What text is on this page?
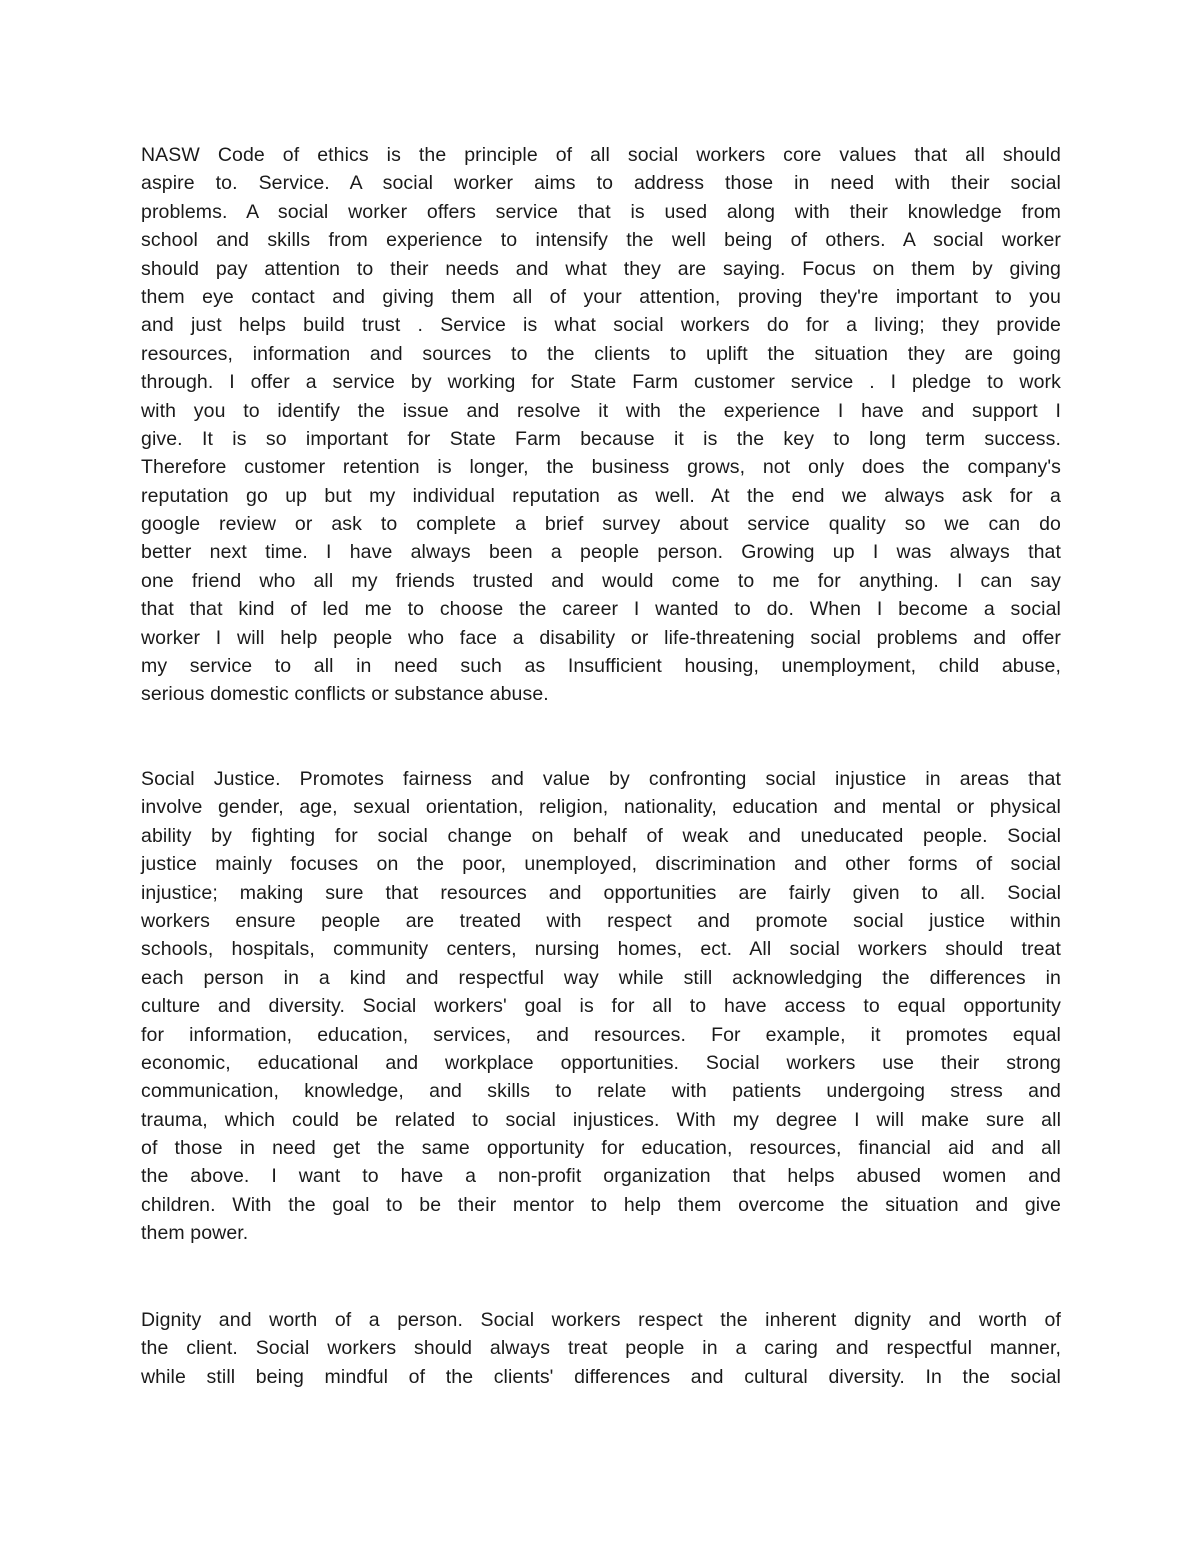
NASW Code of ethics is the principle of all social workers core values that all should
aspire to. Service. A social worker aims to address those in need with their social
problems. A social worker offers service that is used along with their knowledge from
school and skills from experience to intensify the well being of others. A social worker
should pay attention to their needs and what they are saying. Focus on them by giving
them eye contact and giving them all of your attention, proving they're important to you
and just helps build trust . Service is what social workers do for a living; they provide
resources, information and sources to the clients to uplift the situation they are going
through. I offer a service by working for State Farm customer service . I pledge to work
with you to identify the issue and resolve it with the experience I have and support I
give. It is so important for State Farm because it is the key to long term success.
Therefore customer retention is longer, the business grows, not only does the company's
reputation go up but my individual reputation as well. At the end we always ask for a
google review or ask to complete a brief survey about service quality so we can do
better next time. I have always been a people person. Growing up I was always that
one friend who all my friends trusted and would come to me for anything. I can say
that that kind of led me to choose the career I wanted to do. When I become a social
worker I will help people who face a disability or life-threatening social problems and offer
my service to all in need such as Insufficient housing, unemployment, child abuse,
serious domestic conflicts or substance abuse.
Social Justice. Promotes fairness and value by confronting social injustice in areas that
involve gender, age, sexual orientation, religion, nationality, education and mental or physical
ability by fighting for social change on behalf of weak and uneducated people. Social
justice mainly focuses on the poor, unemployed, discrimination and other forms of social
injustice; making sure that resources and opportunities are fairly given to all. Social
workers ensure people are treated with respect and promote social justice within
schools, hospitals, community centers, nursing homes, ect. All social workers should treat
each person in a kind and respectful way while still acknowledging the differences in
culture and diversity. Social workers' goal is for all to have access to equal opportunity
for information, education, services, and resources. For example, it promotes equal
economic, educational and workplace opportunities. Social workers use their strong
communication, knowledge, and skills to relate with patients undergoing stress and
trauma, which could be related to social injustices. With my degree I will make sure all
of those in need get the same opportunity for education, resources, financial aid and all
the above. I want to have a non-profit organization that helps abused women and
children. With the goal to be their mentor to help them overcome the situation and give
them power.
Dignity and worth of a person. Social workers respect the inherent dignity and worth of
the client. Social workers should always treat people in a caring and respectful manner,
while still being mindful of the clients' differences and cultural diversity. In the social
